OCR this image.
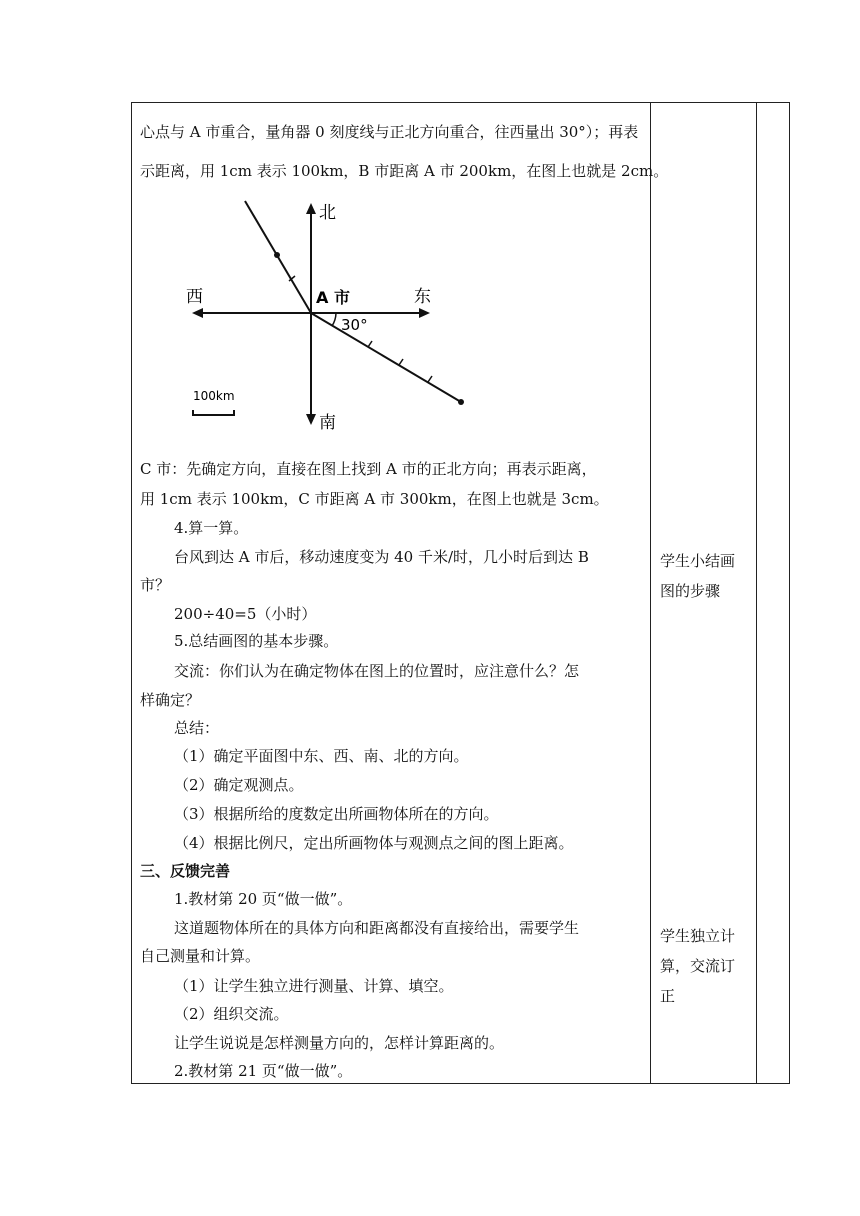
心点与 A 市重合，量角器 0 刻度线与正北方向重合，往西量出 30°）；再表
示距离，用 1cm 表示 100km，B 市距离 A 市 200km，在图上也就是 2cm。
C 市：先确定方向，直接在图上找到 A 市的正北方向；再表示距离，
用 1cm 表示 100km，C 市距离 A 市 300km，在图上也就是 3cm。
4.算一算。
台风到达 A 市后，移动速度变为 40 千米/时，几小时后到达 B
市？
200÷40=5（小时）
5.总结画图的基本步骤。
交流：你们认为在确定物体在图上的位置时，应注意什么？怎
样确定？
总结：
（1）确定平面图中东、西、南、北的方向。
（2）确定观测点。
（3）根据所给的度数定出所画物体所在的方向。
（4）根据比例尺，定出所画物体与观测点之间的图上距离。
三、反馈完善
1.教材第 20 页“做一做”。
这道题物体所在的具体方向和距离都没有直接给出，需要学生
自己测量和计算。
（1）让学生独立进行测量、计算、填空。
（2）组织交流。
让学生说说是怎样测量方向的，怎样计算距离的。
2.教材第 21 页“做一做”。
学生小结画
图的步骤
学生独立计
算，交流订
正
北
南
东
西	A 市
30°
100km
